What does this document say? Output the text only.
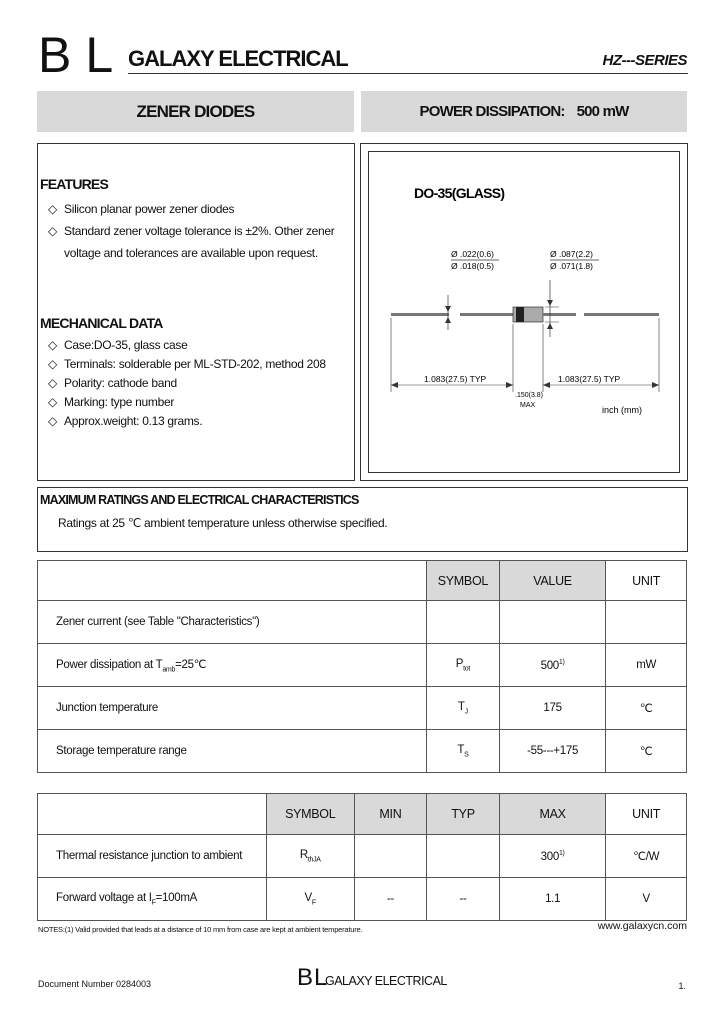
BL GALAXY ELECTRICAL	HZ---SERIES
ZENER DIODES	POWER DISSIPATION: 500 mW
FEATURES
◇ Silicon planar power zener diodes
◇ Standard zener voltage tolerance is ±2%. Other zener
voltage and tolerances are available upon request.
MECHANICAL DATA
◇ Case:DO-35, glass case
◇ Terminals: solderable per ML-STD-202, method 208
◇ Polarity: cathode band
◇ Marking: type number
◇ Approx.weight: 0.13 grams.
DO-35(GLASS)
Ø .022(0.6)
Ø .018(0.5)
Ø .087(2.2)
Ø .071(1.8)
1.083(27.5) TYP	1.083(27.5) TYP
.150(3.8)
MAX	inch (mm)
MAXIMUM RATINGS AND ELECTRICAL CHARACTERISTICS
Ratings at 25 ℃ ambient temperature unless otherwise specified.
	SYMBOL	VALUE	UNIT
Zener current (see Table "Characteristics")			
Power dissipation at $T_{amb}=25℃$	$P_{tot}$	500$^{1)}$	mW
Junction temperature	$T_J$	175	℃
Storage temperature range	$T_S$	-55---+175	℃
	SYMBOL	MIN	TYP	MAX	UNIT
Thermal resistance junction to ambient	$R_{thJA}$			300$^{1)}$	℃/W
Forward voltage at $I_F=100mA$	$V_F$	--	--	1.1	V
NOTES:(1) Valid provided that leads at a distance of 10 mm from case are kept at ambient temperature.	www.galaxycn.com
Document Number 0284003	BL
GALAXY ELECTRICAL	1.
